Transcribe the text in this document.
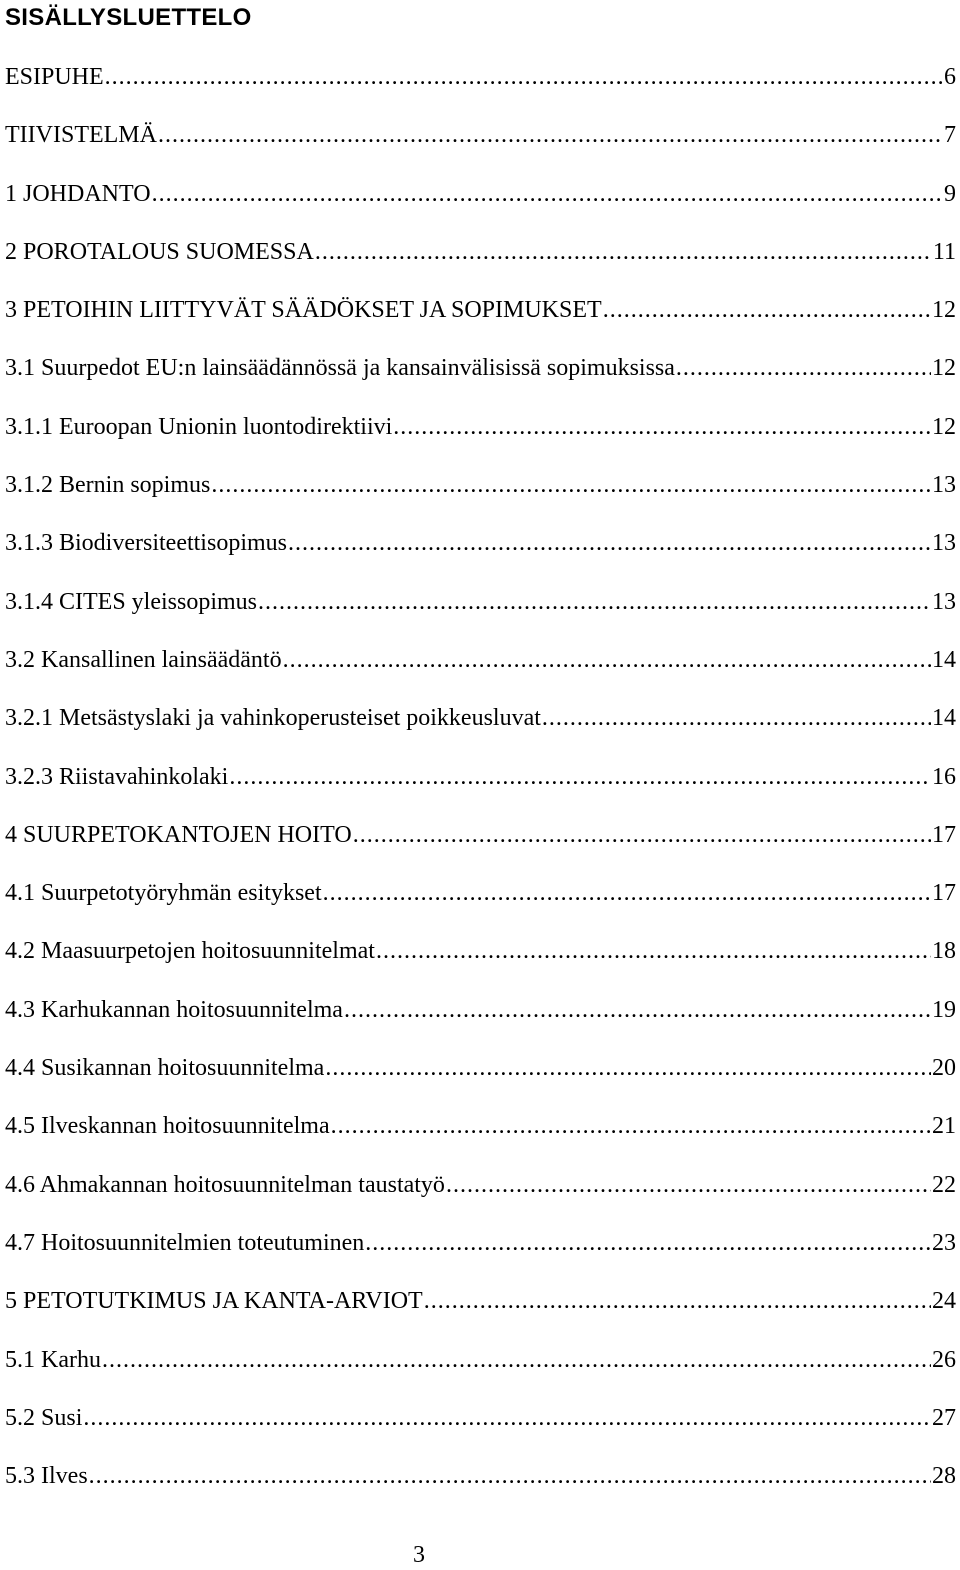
SISÄLLYSLUETTELO
ESIPUHE .....	6
TIIVISTELMÄ .....	7
1 JOHDANTO .....	9
2 POROTALOUS SUOMESSA .....	11
3 PETOIHIN LIITTYVÄT SÄÄDÖKSET JA SOPIMUKSET .....	12
3.1 Suurpedot EU:n lainsäädännössä ja kansainvälisissä sopimuksissa .....	12
3.1.1 Euroopan Unionin luontodirektiivi .....	12
3.1.2 Bernin sopimus .....	13
3.1.3 Biodiversiteettisopimus .....	13
3.1.4 CITES yleissopimus .....	13
3.2 Kansallinen lainsäädäntö .....	14
3.2.1 Metsästyslaki ja vahinkoperusteiset poikkeusluvat .....	14
3.2.3 Riistavahinkolaki .....	16
4 SUURPETOKANTOJEN HOITO .....	17
4.1 Suurpetotyöryhmän esitykset .....	17
4.2 Maasuurpetojen hoitosuunnitelmat .....	18
4.3 Karhukannan hoitosuunnitelma .....	19
4.4 Susikannan hoitosuunnitelma .....	20
4.5 Ilveskannan hoitosuunnitelma .....	21
4.6 Ahmakannan hoitosuunnitelman taustatyö .....	22
4.7 Hoitosuunnitelmien toteutuminen .....	23
5 PETOTUTKIMUS JA KANTA-ARVIOT .....	24
5.1 Karhu .....	26
5.2 Susi .....	27
5.3 Ilves .....	28
3
